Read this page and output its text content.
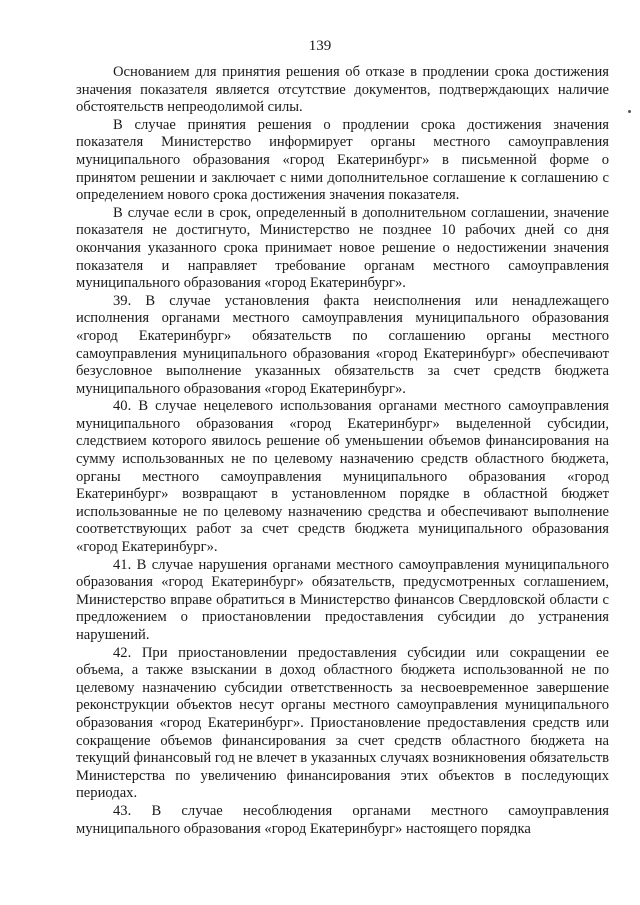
139

Основанием для принятия решения об отказе в продлении срока достижения значения показателя является отсутствие документов, подтверждающих наличие обстоятельств непреодолимой силы.

В случае принятия решения о продлении срока достижения значения показателя Министерство информирует органы местного самоуправления муниципального образования «город Екатеринбург» в письменной форме о принятом решении и заключает с ними дополнительное соглашение к соглашению с определением нового срока достижения значения показателя.

В случае если в срок, определенный в дополнительном соглашении, значение показателя не достигнуто, Министерство не позднее 10 рабочих дней со дня окончания указанного срока принимает новое решение о недостижении значения показателя и направляет требование органам местного самоуправления муниципального образования «город Екатеринбург».

39. В случае установления факта неисполнения или ненадлежащего исполнения органами местного самоуправления муниципального образования «город Екатеринбург» обязательств по соглашению органы местного самоуправления муниципального образования «город Екатеринбург» обеспечивают безусловное выполнение указанных обязательств за счет средств бюджета муниципального образования «город Екатеринбург».

40. В случае нецелевого использования органами местного самоуправления муниципального образования «город Екатеринбург» выделенной субсидии, следствием которого явилось решение об уменьшении объемов финансирования на сумму использованных не по целевому назначению средств областного бюджета, органы местного самоуправления муниципального образования «город Екатеринбург» возвращают в установленном порядке в областной бюджет использованные не по целевому назначению средства и обеспечивают выполнение соответствующих работ за счет средств бюджета муниципального образования «город Екатеринбург».

41. В случае нарушения органами местного самоуправления муниципального образования «город Екатеринбург» обязательств, предусмотренных соглашением, Министерство вправе обратиться в Министерство финансов Свердловской области с предложением о приостановлении предоставления субсидии до устранения нарушений.

42. При приостановлении предоставления субсидии или сокращении ее объема, а также взыскании в доход областного бюджета использованной не по целевому назначению субсидии ответственность за несвоевременное завершение реконструкции объектов несут органы местного самоуправления муниципального образования «город Екатеринбург». Приостановление предоставления средств или сокращение объемов финансирования за счет средств областного бюджета на текущий финансовый год не влечет в указанных случаях возникновения обязательств Министерства по увеличению финансирования этих объектов в последующих периодах.

43. В случае несоблюдения органами местного самоуправления муниципального образования «город Екатеринбург» настоящего порядка
